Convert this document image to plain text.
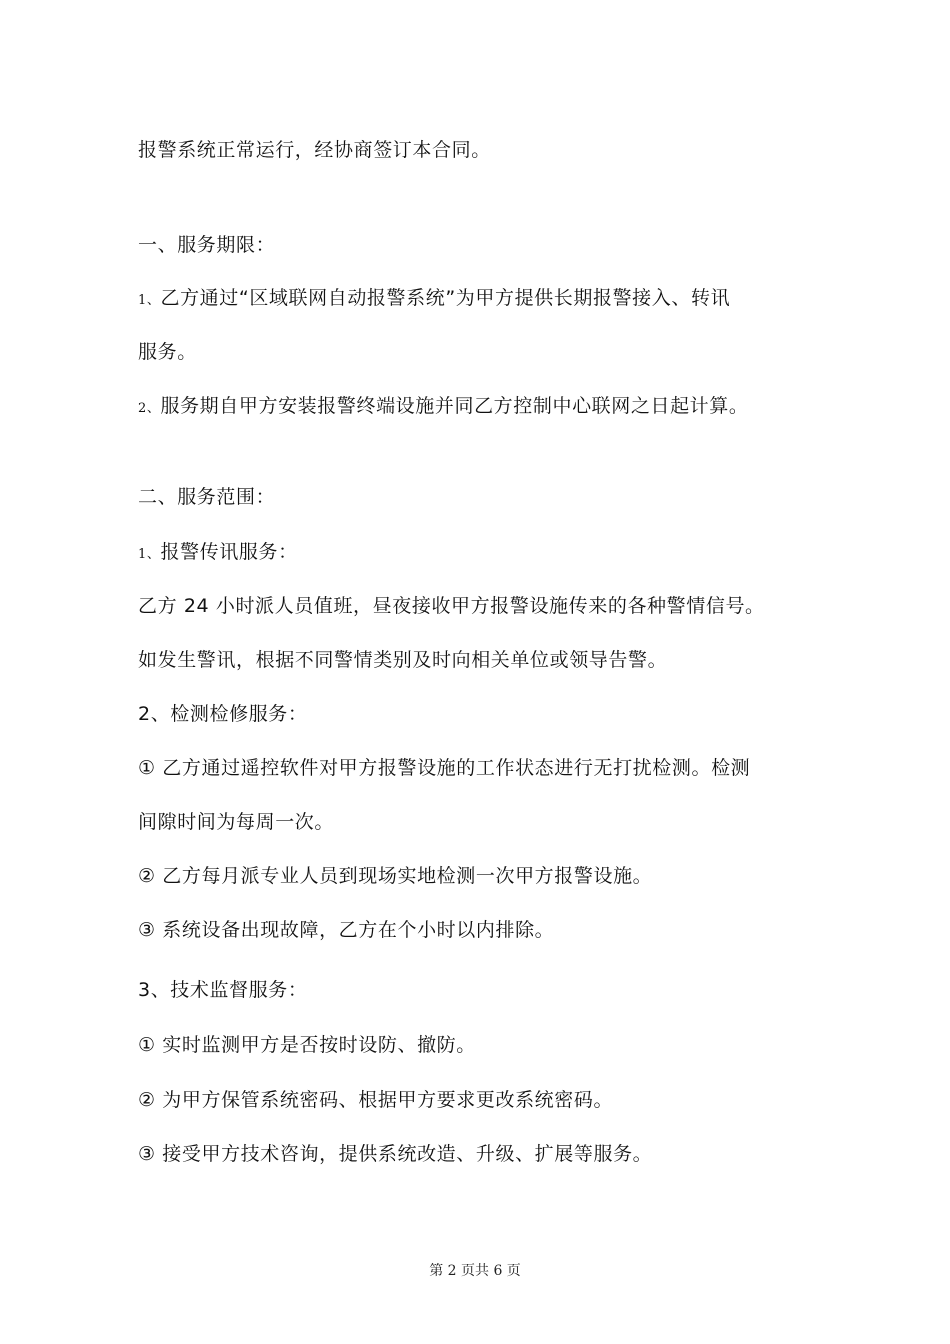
报警系统正常运行，经协商签订本合同。
一、服务期限：
1、乙方通过“区域联网自动报警系统”为甲方提供长期报警接入、转讯
服务。
2、服务期自甲方安装报警终端设施并同乙方控制中心联网之日起计算。
二、服务范围：
1、报警传讯服务：
乙方 24 小时派人员值班，昼夜接收甲方报警设施传来的各种警情信号。
如发生警讯，根据不同警情类别及时向相关单位或领导告警。
2、检测检修服务：
① 乙方通过遥控软件对甲方报警设施的工作状态进行无打扰检测。检测
间隙时间为每周一次。
② 乙方每月派专业人员到现场实地检测一次甲方报警设施。
③ 系统设备出现故障，乙方在个小时以内排除。
3、技术监督服务：
① 实时监测甲方是否按时设防、撤防。
② 为甲方保管系统密码、根据甲方要求更改系统密码。
③ 接受甲方技术咨询，提供系统改造、升级、扩展等服务。
第 2 页共 6 页
